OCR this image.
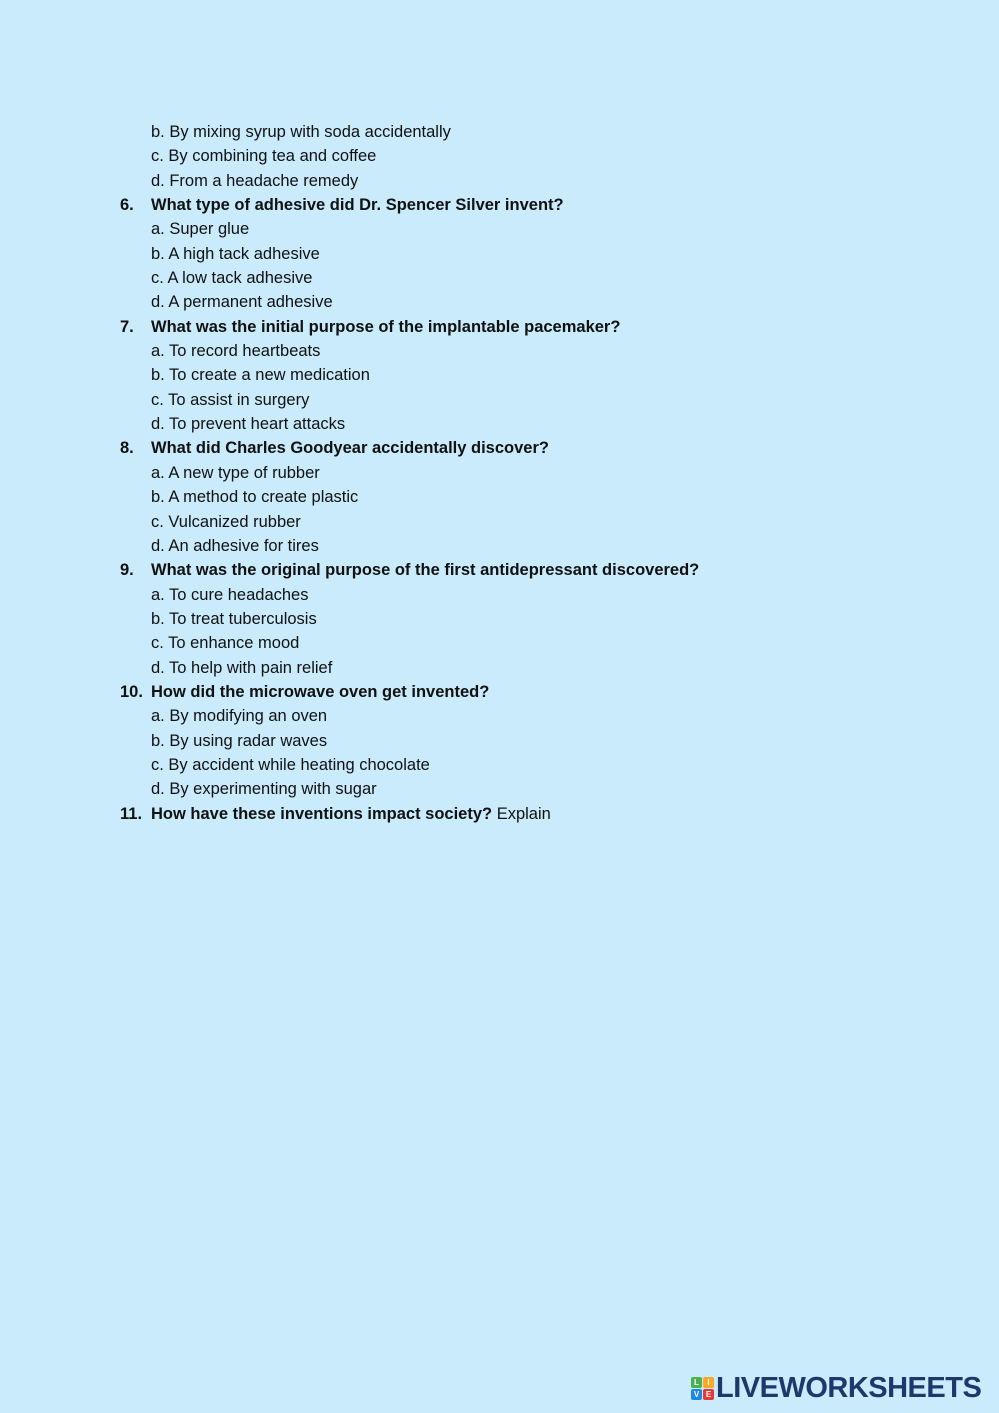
b. By mixing syrup with soda accidentally
c. By combining tea and coffee
d. From a headache remedy
6.	What type of adhesive did Dr. Spencer Silver invent?
a. Super glue
b. A high tack adhesive
c. A low tack adhesive
d. A permanent adhesive
7.	What was the initial purpose of the implantable pacemaker?
a. To record heartbeats
b. To create a new medication
c. To assist in surgery
d. To prevent heart attacks
8.	What did Charles Goodyear accidentally discover?
a. A new type of rubber
b. A method to create plastic
c. Vulcanized rubber
d. An adhesive for tires
9.	What was the original purpose of the first antidepressant discovered?
a. To cure headaches
b. To treat tuberculosis
c. To enhance mood
d. To help with pain relief
10. How did the microwave oven get invented?
a. By modifying an oven
b. By using radar waves
c. By accident while heating chocolate
d. By experimenting with sugar
11. How have these inventions impact society? Explain
L	I
V E LIVEWORKSHEETS
